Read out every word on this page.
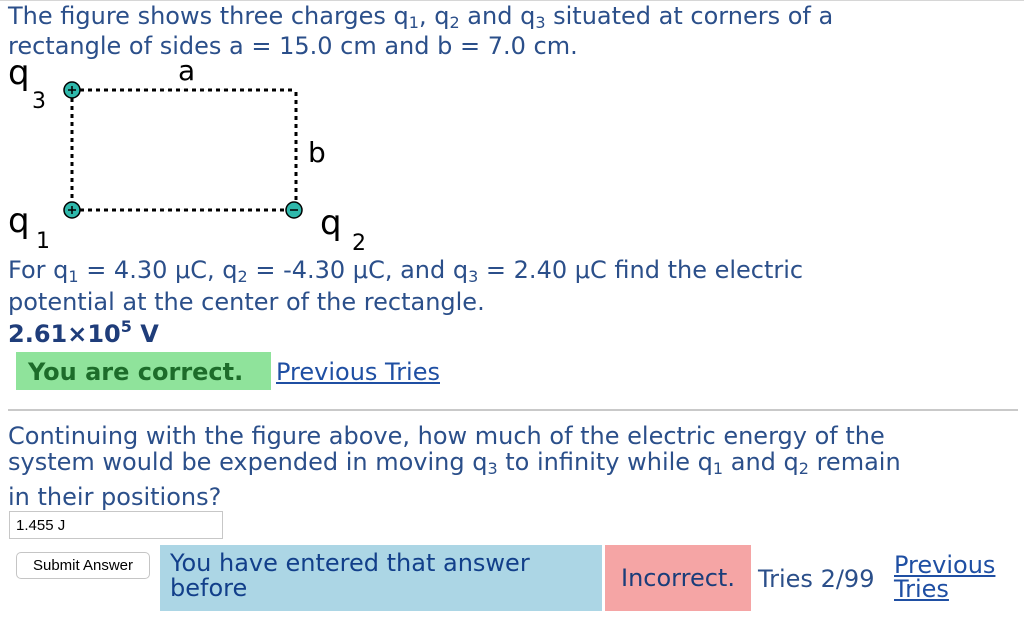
The figure shows three charges $q_1$, $q_2$ and $q_3$ situated at corners of a
rectangle of sides a = 15.0 cm and b = 7.0 cm.
a
b
q
3
q
1	q
2
For $q_1 = 4.30$ μC, $q_2 = -4.30$ μC, and $q_3 = 2.40$ μC find the electric
potential at the center of the rectangle.
$2.61\times 10^5$ V
You are correct.	Previous Tries
Continuing with the figure above, how much of the electric energy of the
system would be expended in moving $q_3$ to infinity while $q_1$ and $q_2$ remain
in their positions?
1.455 J
Submit Answer	You have entered that answer
before	Incorrect. Tries 2/99 Previous
Tries
